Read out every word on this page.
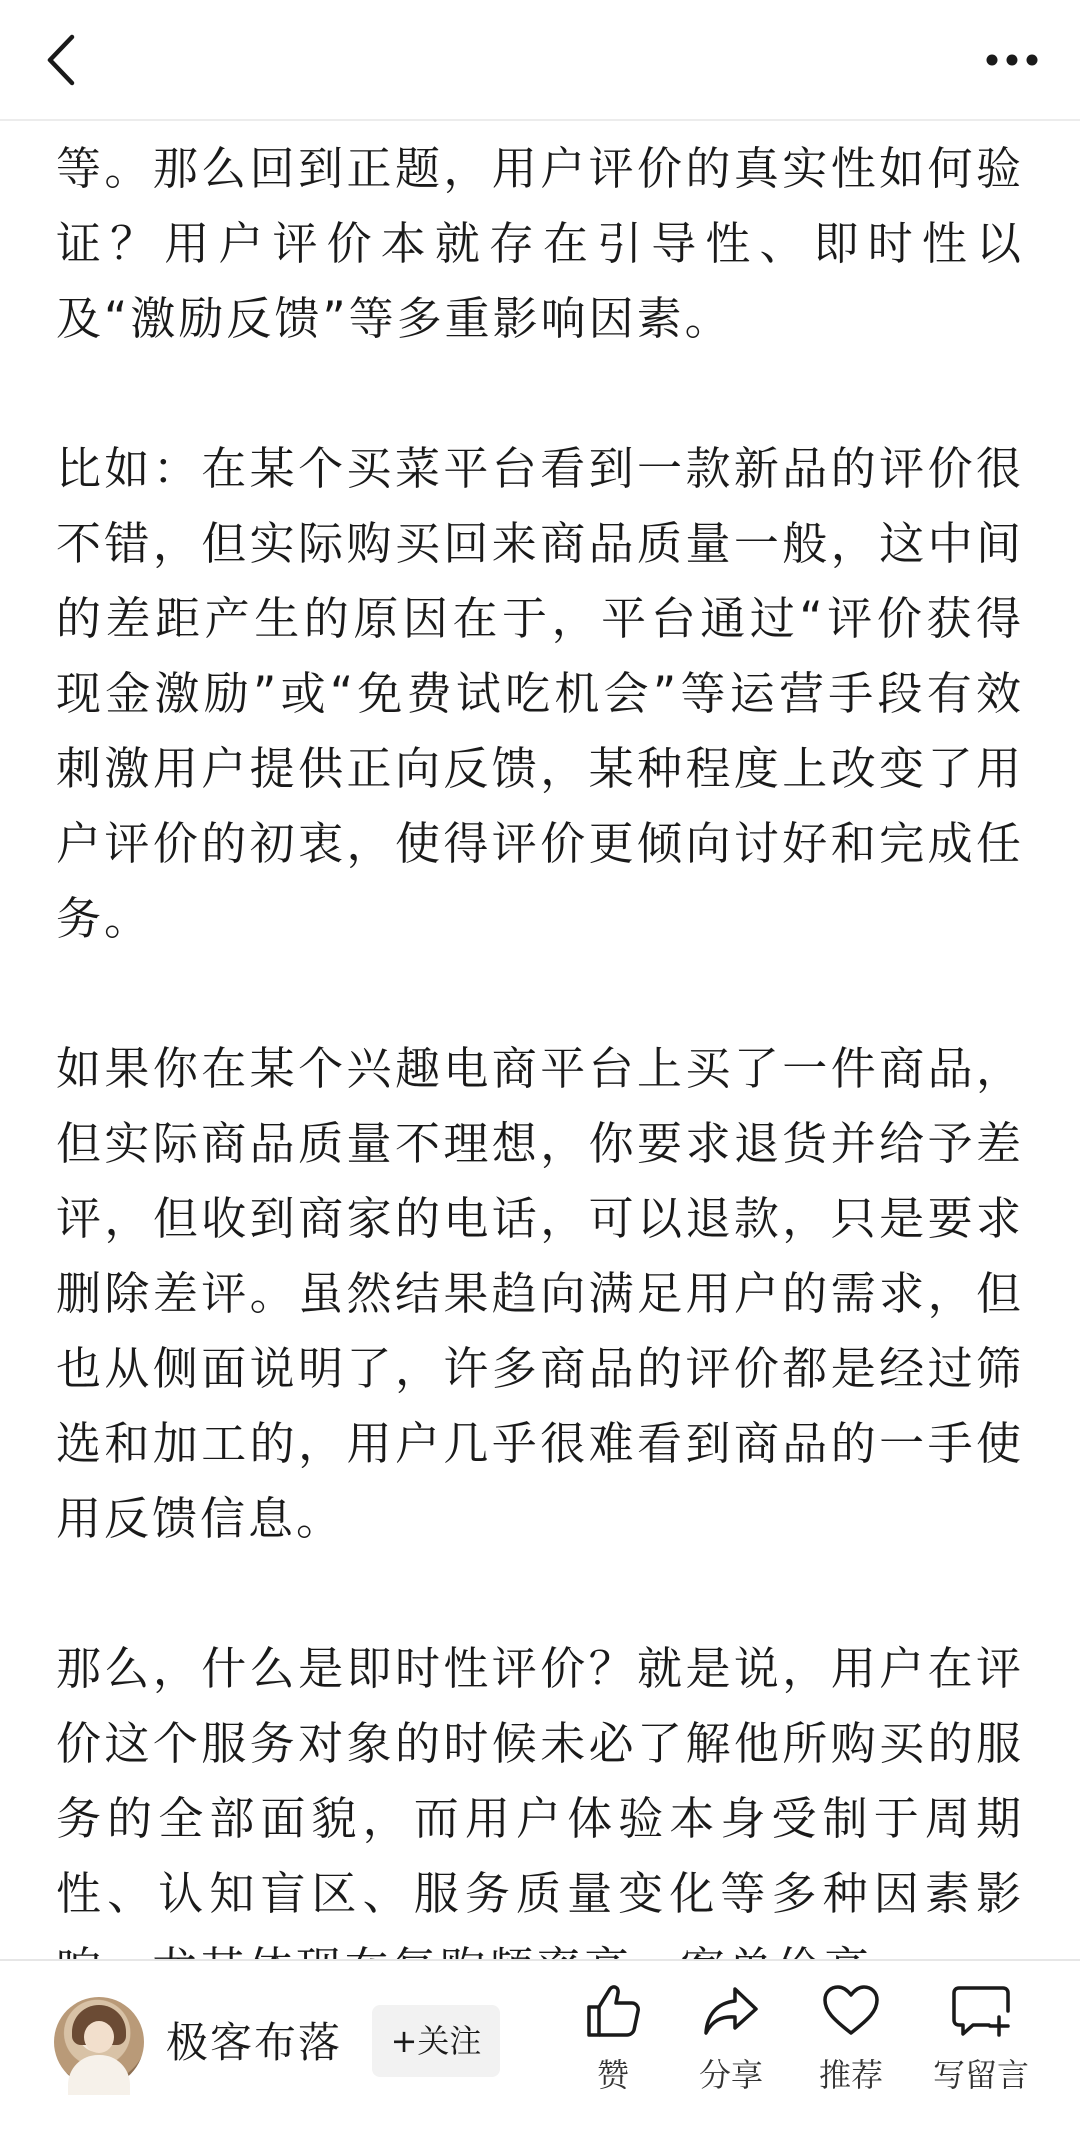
等。那么回到正题，用户评价的真实性如何验证？用户评价本就存在引导性、即时性以及“激励反馈”等多重影响因素。

比如：在某个买菜平台看到一款新品的评价很不错，但实际购买回来商品质量一般，这中间的差距产生的原因在于，平台通过“评价获得现金激励”或“免费试吃机会”等运营手段有效刺激用户提供正向反馈，某种程度上改变了用户评价的初衷，使得评价更倾向讨好和完成任务。

如果你在某个兴趣电商平台上买了一件商品，但实际商品质量不理想，你要求退货并给予差评，但收到商家的电话，可以退款，只是要求删除差评。虽然结果趋向满足用户的需求，但也从侧面说明了，许多商品的评价都是经过筛选和加工的，用户几乎很难看到商品的一手使用反馈信息。

那么，什么是即时性评价？就是说，用户在评价这个服务对象的时候未必了解他所购买的服务的全部面貌，而用户体验本身受制于周期性、认知盲区、服务质量变化等多种因素影

极客布落	+关注
赞	分享	推荐	写留言
